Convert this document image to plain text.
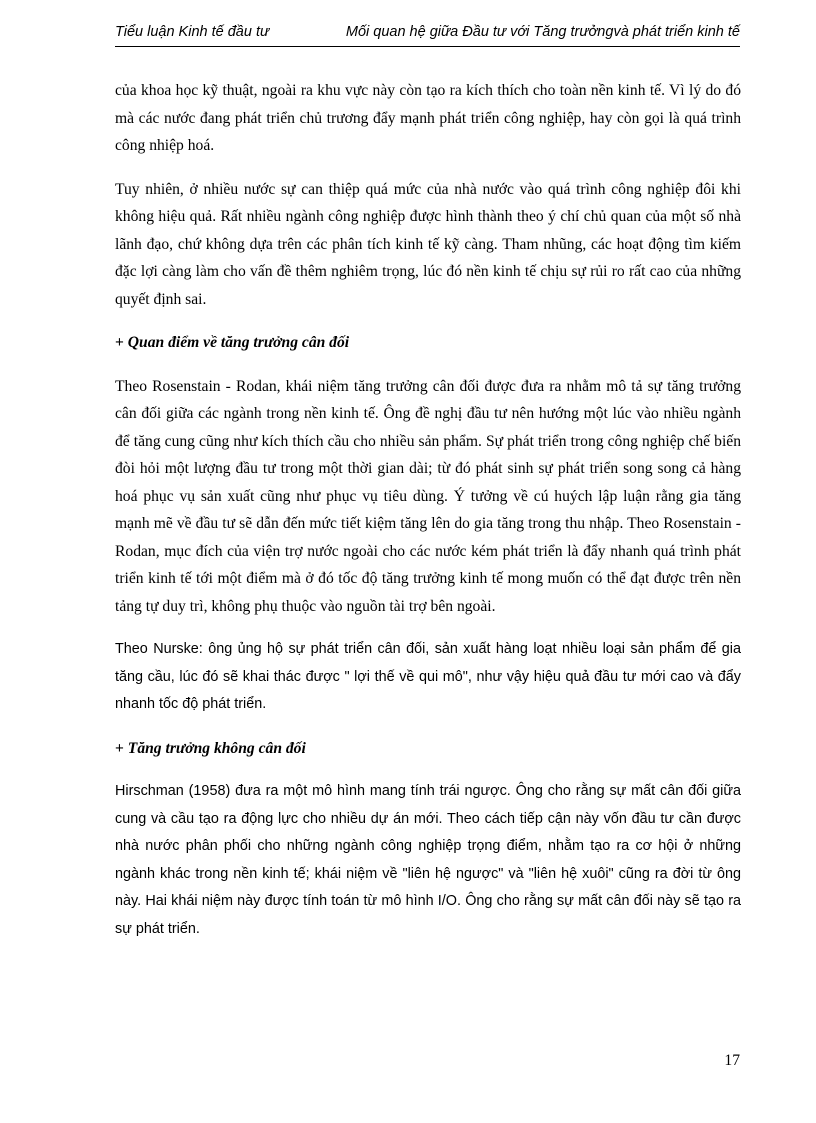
Tiểu luận Kinh tế đầu tư	Mối quan hệ giữa Đầu tư với Tăng trưởngvà phát triển kinh tế

của khoa học kỹ thuật, ngoài ra khu vực này còn tạo ra kích thích cho toàn nền kinh tế. Vì lý do đó mà các nước đang phát triển chủ trương đẩy mạnh phát triển công nghiệp, hay còn gọi là quá trình công nhiệp hoá.

Tuy nhiên, ở nhiều nước sự can thiệp quá mức của nhà nước vào quá trình công nghiệp đôi khi không hiệu quả. Rất nhiều ngành công nghiệp được hình thành theo ý chí chủ quan của một số nhà lãnh đạo, chứ không dựa trên các phân tích kinh tế kỹ càng. Tham nhũng, các hoạt động tìm kiếm đặc lợi càng làm cho vấn đề thêm nghiêm trọng, lúc đó nền kinh tế chịu sự rủi ro rất cao của những quyết định sai.

+ Quan điểm về tăng trưởng cân đối

Theo Rosenstain - Rodan, khái niệm tăng trưởng cân đối được đưa ra nhằm mô tả sự tăng trưởng cân đối giữa các ngành trong nền kinh tế. Ông đề nghị đầu tư nên hướng một lúc vào nhiều ngành để tăng cung cũng như kích thích cầu cho nhiều sản phẩm. Sự phát triển trong công nghiệp chế biến đòi hỏi một lượng đầu tư trong một thời gian dài; từ đó phát sinh sự phát triển song song cả hàng hoá phục vụ sản xuất cũng như phục vụ tiêu dùng. Ý tưởng về cú huých lập luận rằng gia tăng mạnh mẽ về đầu tư sẽ dẫn đến mức tiết kiệm tăng lên do gia tăng trong thu nhập. Theo Rosenstain - Rodan, mục đích của viện trợ nước ngoài cho các nước kém phát triển là đẩy nhanh quá trình phát triển kinh tế tới một điểm mà ở đó tốc độ tăng trưởng kinh tế mong muốn có thể đạt được trên nền tảng tự duy trì, không phụ thuộc vào nguồn tài trợ bên ngoài.

Theo Nurske: ông ủng hộ sự phát triển cân đối, sản xuất hàng loạt nhiều loại sản phẩm để gia tăng cầu, lúc đó sẽ khai thác được " lợi thế về qui mô", như vậy hiệu quả đầu tư mới cao và đẩy nhanh tốc độ phát triển.

+ Tăng trưởng không cân đối

Hirschman (1958) đưa ra một mô hình mang tính trái ngược. Ông cho rằng sự mất cân đối giữa cung và cầu tạo ra động lực cho nhiều dự án mới. Theo cách tiếp cận này vốn đầu tư cần được nhà nước phân phối cho những ngành công nghiệp trọng điểm, nhằm tạo ra cơ hội ở những ngành khác trong nền kinh tế; khái niệm về "liên hệ ngược" và "liên hệ xuôi" cũng ra đời từ ông này. Hai khái niệm này được tính toán từ mô hình I/O. Ông cho rằng sự mất cân đối này sẽ tạo ra sự phát triển.

17
